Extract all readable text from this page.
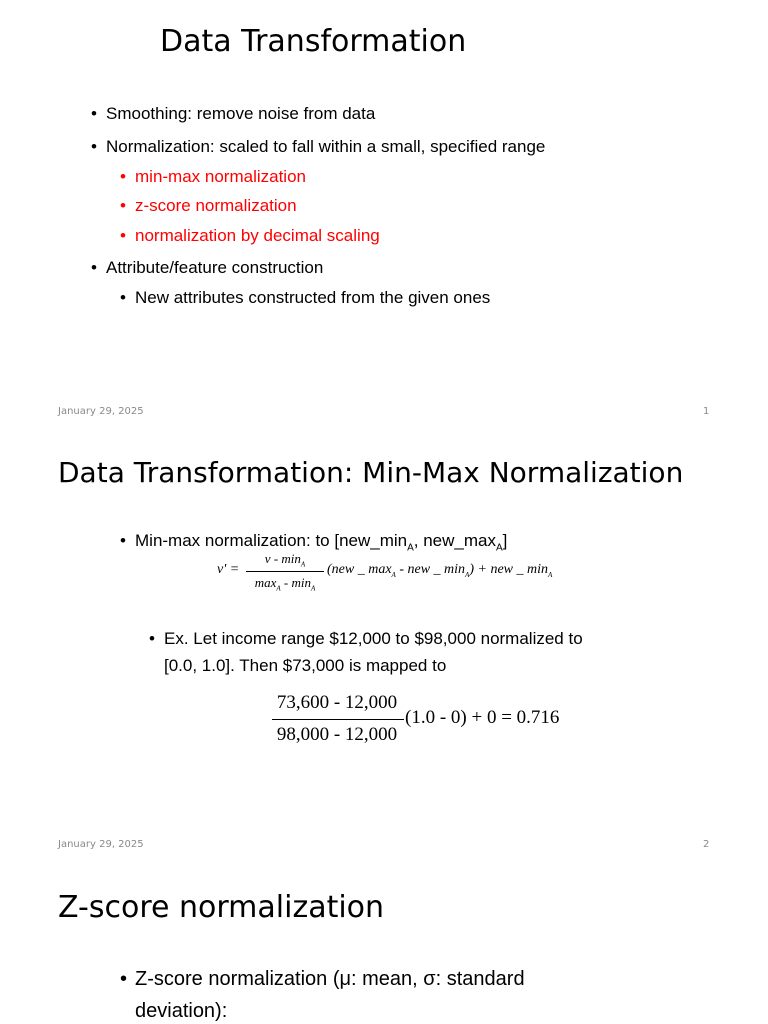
Data Transformation
• Smoothing: remove noise from data
• Normalization: scaled to fall within a small, specified range
• min-max normalization
• z-score normalization
• normalization by decimal scaling
• Attribute/feature construction
• New attributes constructed from the given ones
January 29, 2025	1
Data Transformation: Min-Max Normalization
• Min-max normalization: to [$new\_\min_A$, $new\_\max_A$]
v' =
v - $\min_A$
$\max_A - \min_A$
(new _ $\max_A$ - new _ $\min_A$) + new _ $\min_A$
• Ex. Let income range $12,000 to $98,000 normalized to
[0.0, 1.0]. Then $73,000 is mapped to
73,600 - 12,000
98,000 - 12,000
(1.0 - 0) + 0 = 0.716
January 29, 2025	2
Z-score normalization
• Z-score normalization (μ: mean, σ: standard
deviation):
